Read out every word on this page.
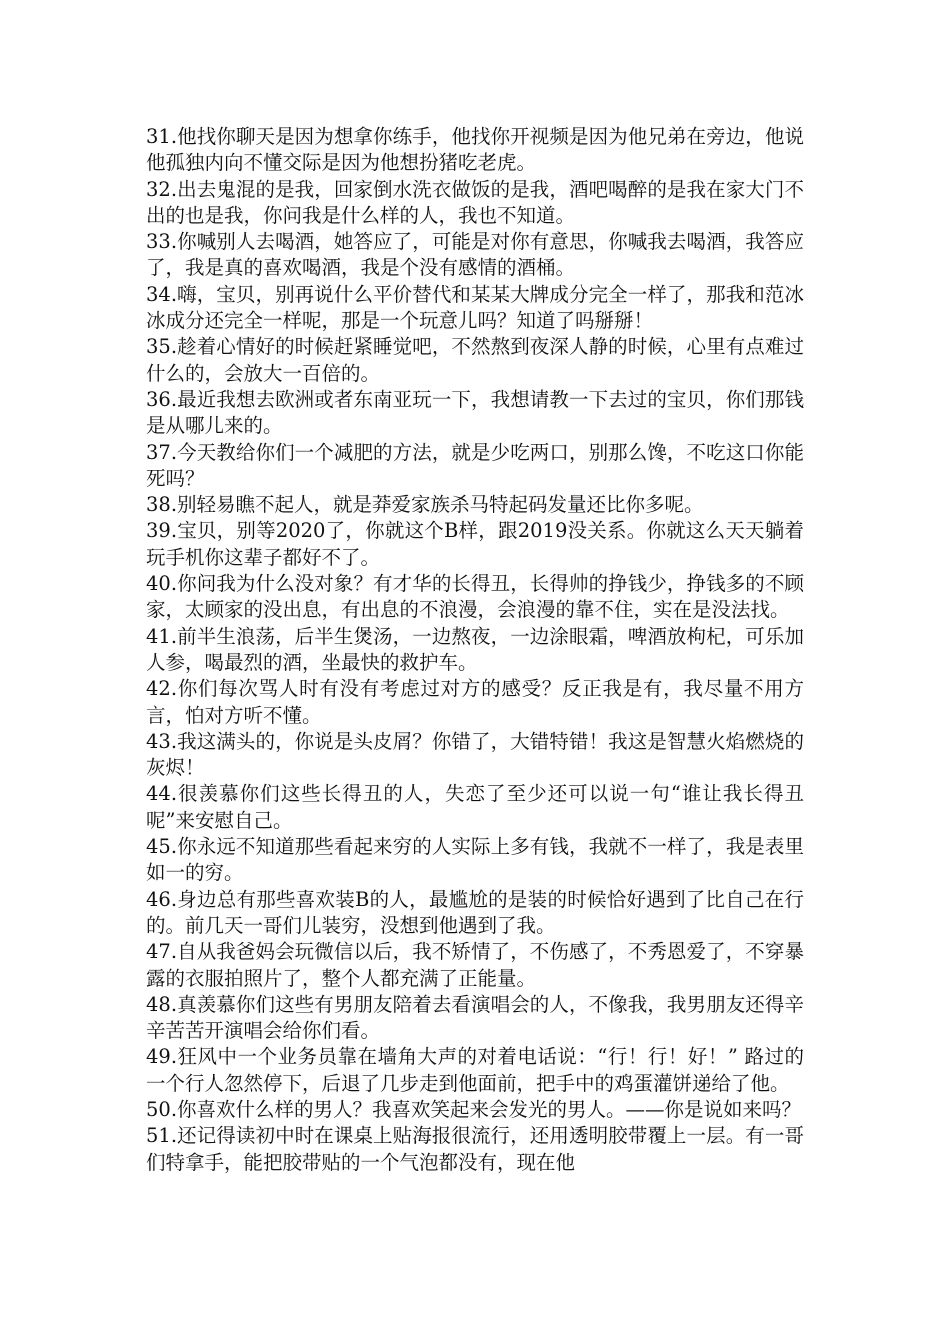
31.他找你聊天是因为想拿你练手，他找你开视频是因为他兄弟在旁边，他说他孤独内向不懂交际是因为他想扮猪吃老虎。

32.出去鬼混的是我，回家倒水洗衣做饭的是我，酒吧喝醉的是我在家大门不出的也是我，你问我是什么样的人，我也不知道。

33.你喊别人去喝酒，她答应了，可能是对你有意思，你喊我去喝酒，我答应了，我是真的喜欢喝酒，我是个没有感情的酒桶。

34.嗨，宝贝，别再说什么平价替代和某某大牌成分完全一样了，那我和范冰冰成分还完全一样呢，那是一个玩意儿吗？知道了吗掰掰！

35.趁着心情好的时候赶紧睡觉吧，不然熬到夜深人静的时候，心里有点难过什么的，会放大一百倍的。

36.最近我想去欧洲或者东南亚玩一下，我想请教一下去过的宝贝，你们那钱是从哪儿来的。

37.今天教给你们一个减肥的方法，就是少吃两口，别那么馋，不吃这口你能死吗？

38.别轻易瞧不起人，就是莽爱家族杀马特起码发量还比你多呢。

39.宝贝，别等2020了，你就这个B样，跟2019没关系。你就这么天天躺着玩手机你这辈子都好不了。

40.你问我为什么没对象？有才华的长得丑，长得帅的挣钱少，挣钱多的不顾家，太顾家的没出息，有出息的不浪漫，会浪漫的靠不住，实在是没法找。

41.前半生浪荡，后半生煲汤，一边熬夜，一边涂眼霜，啤酒放枸杞，可乐加人参，喝最烈的酒，坐最快的救护车。

42.你们每次骂人时有没有考虑过对方的感受？反正我是有，我尽量不用方言，怕对方听不懂。

43.我这满头的，你说是头皮屑？你错了，大错特错！我这是智慧火焰燃烧的灰烬！

44.很羡慕你们这些长得丑的人，失恋了至少还可以说一句“谁让我长得丑呢”来安慰自己。

45.你永远不知道那些看起来穷的人实际上多有钱，我就不一样了，我是表里如一的穷。

46.身边总有那些喜欢装B的人，最尴尬的是装的时候恰好遇到了比自己在行的。前几天一哥们儿装穷，没想到他遇到了我。

47.自从我爸妈会玩微信以后，我不矫情了，不伤感了，不秀恩爱了，不穿暴露的衣服拍照片了，整个人都充满了正能量。

48.真羡慕你们这些有男朋友陪着去看演唱会的人，不像我，我男朋友还得辛辛苦苦开演唱会给你们看。

49.狂风中一个业务员靠在墙角大声的对着电话说：“行！行！好！” 路过的一个行人忽然停下，后退了几步走到他面前，把手中的鸡蛋灌饼递给了他。

50.你喜欢什么样的男人？我喜欢笑起来会发光的男人。——你是说如来吗？

51.还记得读初中时在课桌上贴海报很流行，还用透明胶带覆上一层。有一哥们特拿手，能把胶带贴的一个气泡都没有，现在他
